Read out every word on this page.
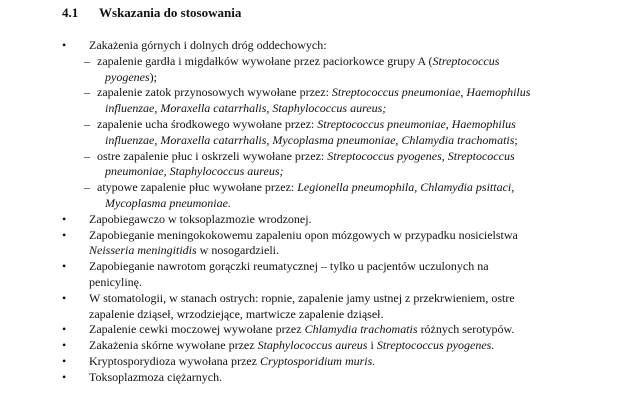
4.1 Wskazania do stosowania
• Zakażenia górnych i dolnych dróg oddechowych:
– zapalenie gardła i migdałków wywołane przez paciorkowce grupy A (Streptococcus
pyogenes);
– zapalenie zatok przynosowych wywołane przez: Streptococcus pneumoniae, Haemophilus
influenzae, Moraxella catarrhalis, Staphylococcus aureus;
– zapalenie ucha środkowego wywołane przez: Streptococcus pneumoniae, Haemophilus
influenzae, Moraxella catarrhalis, Mycoplasma pneumoniae, Chlamydia trachomatis;
– ostre zapalenie płuc i oskrzeli wywołane przez: Streptococcus pyogenes, Streptococcus
pneumoniae, Staphylococcus aureus;
– atypowe zapalenie płuc wywołane przez: Legionella pneumophila, Chlamydia psittaci,
Mycoplasma pneumoniae.
• Zapobiegawczo w toksoplazmozie wrodzonej.
• Zapobieganie meningokokowemu zapaleniu opon mózgowych w przypadku nosicielstwa
Neisseria meningitidis w nosogardzieli.
• Zapobieganie nawrotom gorączki reumatycznej – tylko u pacjentów uczulonych na
penicylinę.
• W stomatologii, w stanach ostrych: ropnie, zapalenie jamy ustnej z przekrwieniem, ostre
zapalenie dziąseł, wrzodziejące, martwicze zapalenie dziąseł.
• Zapalenie cewki moczowej wywołane przez Chlamydia trachomatis różnych serotypów.
• Zakażenia skórne wywołane przez Staphylococcus aureus i Streptococcus pyogenes.
• Kryptosporydioza wywołana przez Cryptosporidium muris.
• Toksoplazmoza ciężarnych.
